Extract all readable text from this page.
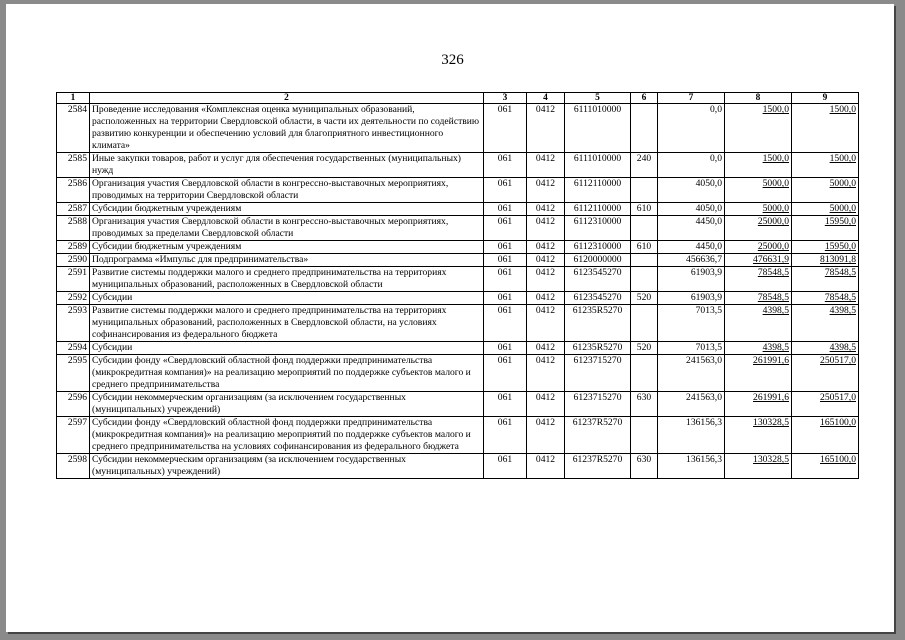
326
1	2	3	4	5	6	7	8	9
2584	Проведение исследования «Комплексная оценка муниципальных образований, расположенных на территории Свердловской области, в части их деятельности по содействию развитию конкуренции и обеспечению условий для благоприятного инвестиционного климата»	061	0412	6111010000		0,0	1500,0	1500,0
2585	Иные закупки товаров, работ и услуг для обеспечения государственных (муниципальных) нужд	061	0412	6111010000	240	0,0	1500,0	1500,0
2586	Организация участия Свердловской области в конгрессно-выставочных мероприятиях, проводимых на территории Свердловской области	061	0412	6112110000		4050,0	5000,0	5000,0
2587	Субсидии бюджетным учреждениям	061	0412	6112110000	610	4050,0	5000,0	5000,0
2588	Организация участия Свердловской области в конгрессно-выставочных мероприятиях, проводимых за пределами Свердловской области	061	0412	6112310000		4450,0	25000,0	15950,0
2589	Субсидии бюджетным учреждениям	061	0412	6112310000	610	4450,0	25000,0	15950,0
2590	Подпрограмма «Импульс для предпринимательства»	061	0412	6120000000		456636,7	476631,9	813091,8
2591	Развитие системы поддержки малого и среднего предпринимательства на территориях муниципальных образований, расположенных в Свердловской области	061	0412	6123545270		61903,9	78548,5	78548,5
2592	Субсидии	061	0412	6123545270	520	61903,9	78548,5	78548,5
2593	Развитие системы поддержки малого и среднего предпринимательства на территориях муниципальных образований, расположенных в Свердловской области, на условиях софинансирования из федерального бюджета	061	0412	61235R5270		7013,5	4398,5	4398,5
2594	Субсидии	061	0412	61235R5270	520	7013,5	4398,5	4398,5
2595	Субсидии фонду «Свердловский областной фонд поддержки предпринимательства (микрокредитная компания)» на реализацию мероприятий по поддержке субъектов малого и среднего предпринимательства	061	0412	6123715270		241563,0	261991,6	250517,0
2596	Субсидии некоммерческим организациям (за исключением государственных (муниципальных) учреждений)	061	0412	6123715270	630	241563,0	261991,6	250517,0
2597	Субсидии фонду «Свердловский областной фонд поддержки предпринимательства (микрокредитная компания)» на реализацию мероприятий по поддержке субъектов малого и среднего предпринимательства на условиях софинансирования из федерального бюджета	061	0412	61237R5270		136156,3	130328,5	165100,0
2598	Субсидии некоммерческим организациям (за исключением государственных (муниципальных) учреждений)	061	0412	61237R5270	630	136156,3	130328,5	165100,0
